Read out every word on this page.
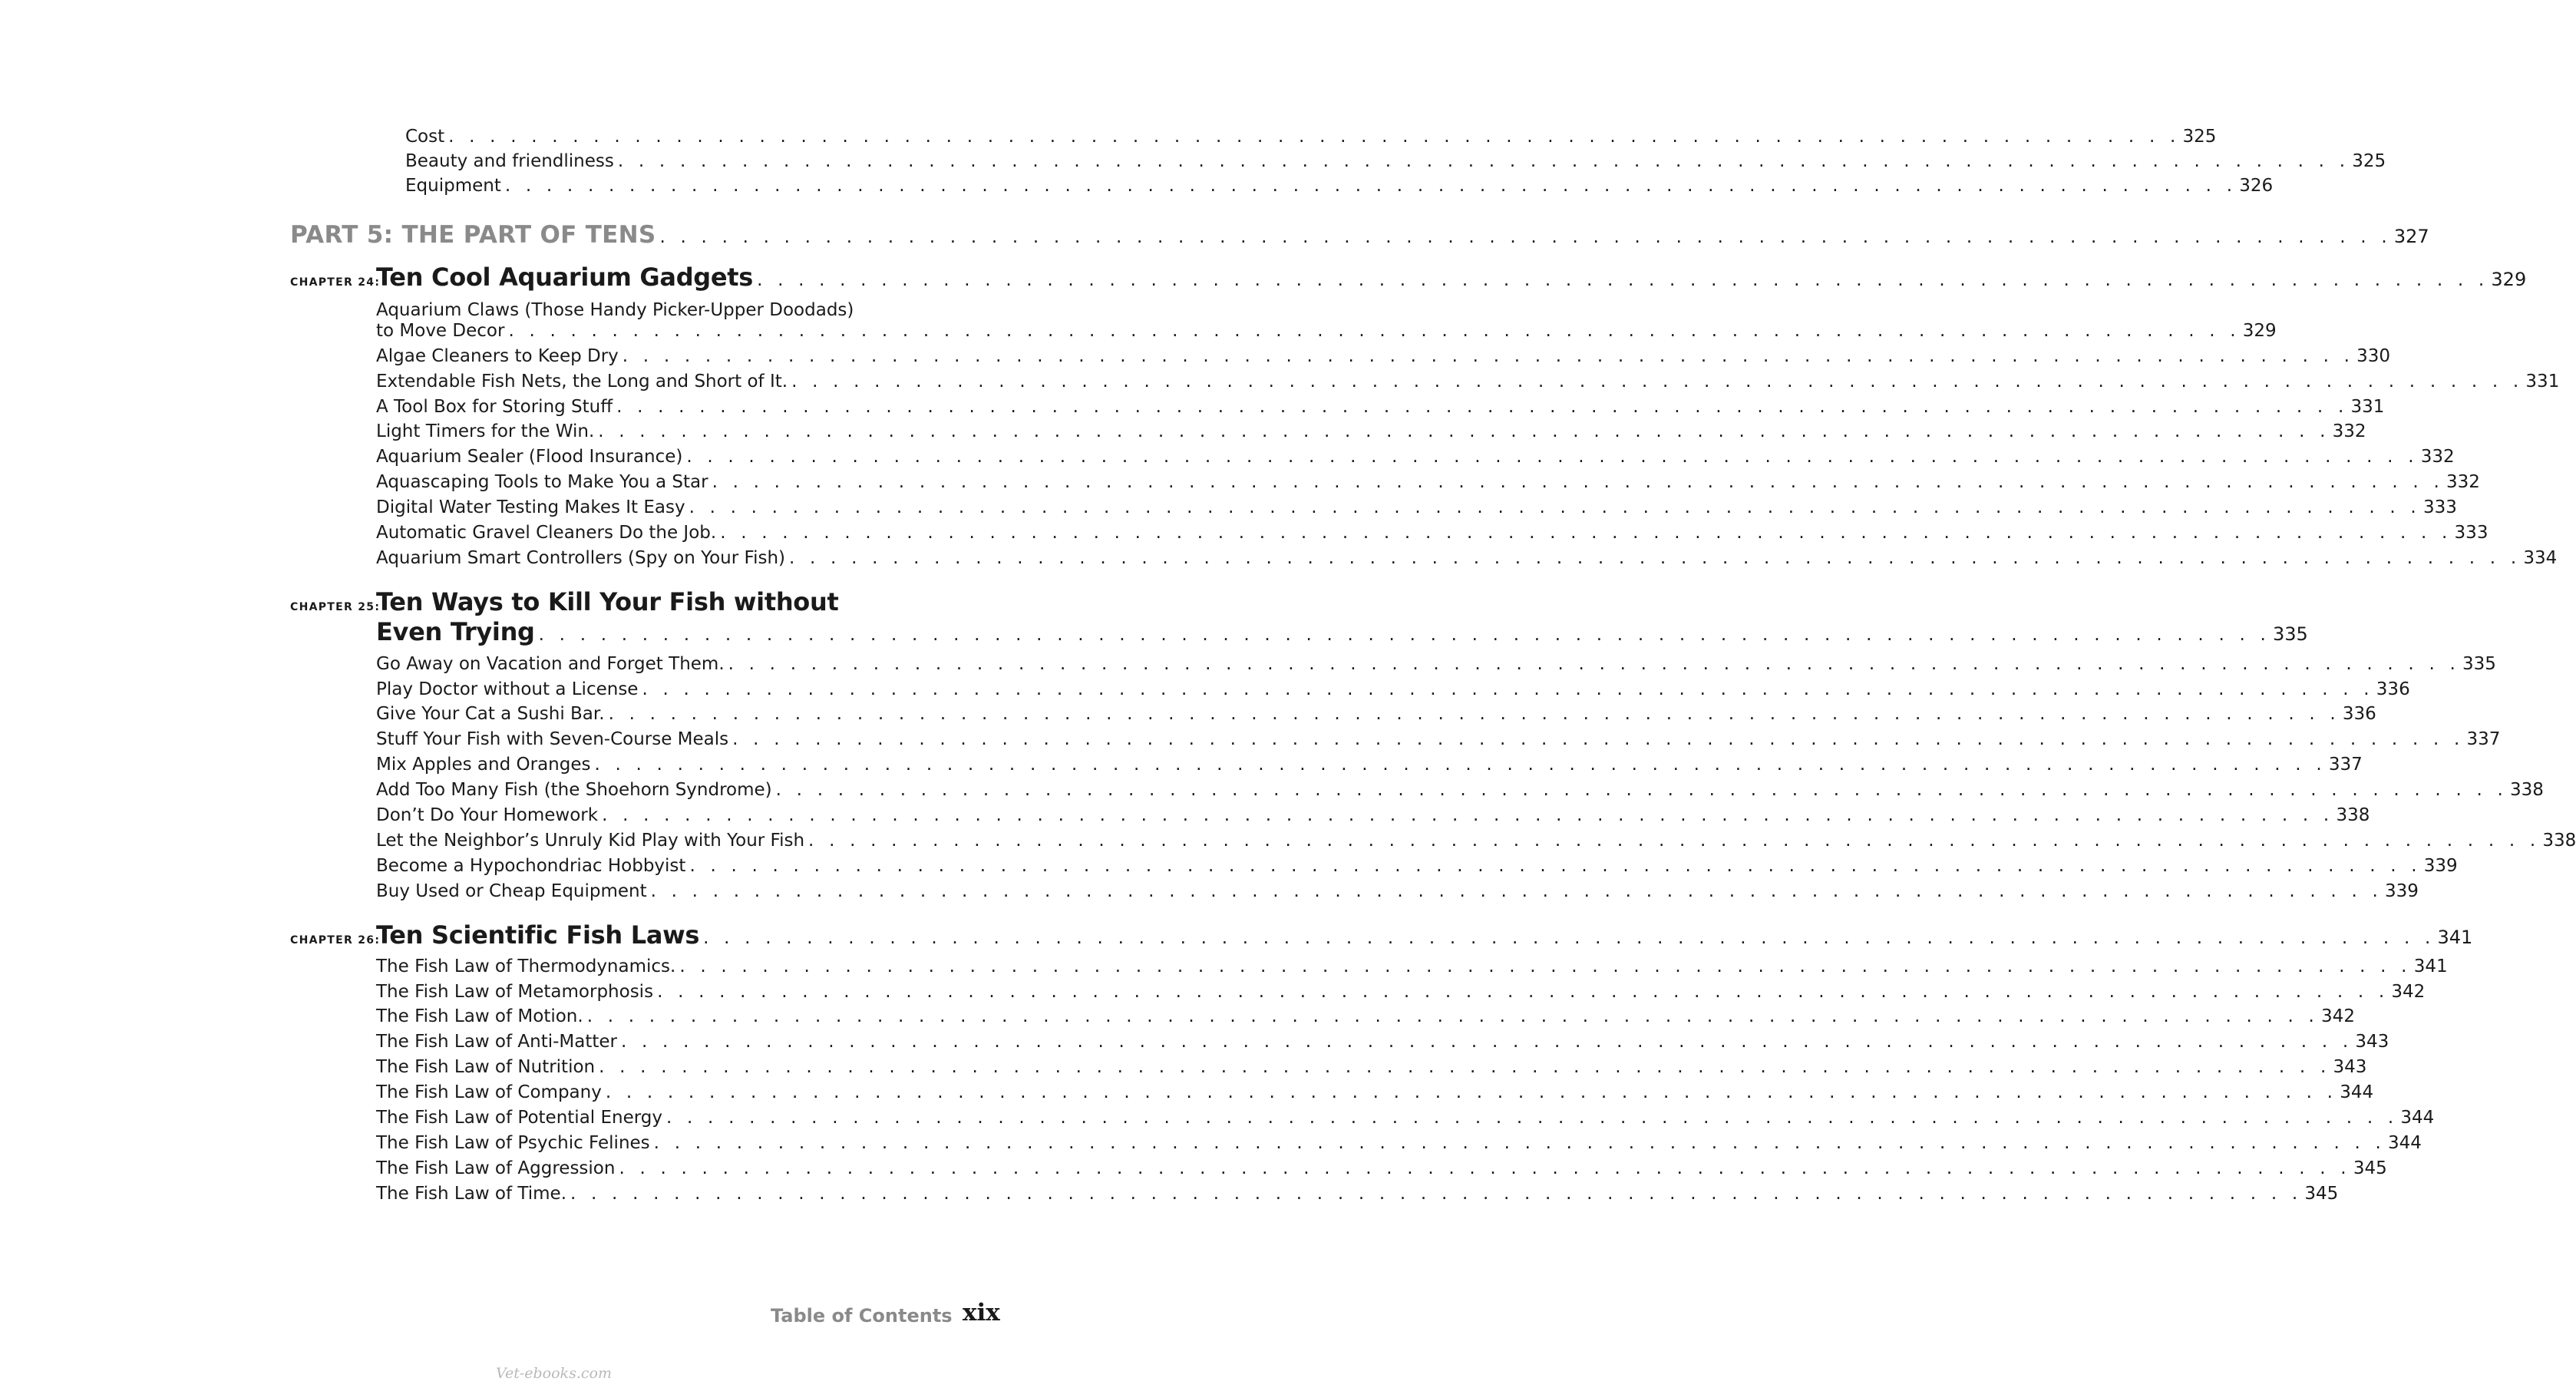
Cost . . . . . . . . . . . . . . . . . . . . . . . . . . . . . . . . . . . . . . . . . . . . . . . . . . . . . . . . . . . . . . . . . . . . . . . . . . . . . . . . . . . . 325
Beauty and friendliness . . . . . . . . . . . . . . . . . . . . . . . . . . . . . . . . . . . . . . . . . . . . . . . . . . . . . . . . . . . . . . . . . . . . . . . . . . . . . . . . . . . . 325
Equipment . . . . . . . . . . . . . . . . . . . . . . . . . . . . . . . . . . . . . . . . . . . . . . . . . . . . . . . . . . . . . . . . . . . . . . . . . . . . . . . . . . . . 326
PART 5: THE PART OF TENS . . . . . . . . . . . . . . . . . . . . . . . . . . . . . . . . . . . . . . . . . . . . . . . . . . . . . . . . . . . . . . . . . . . . . . . . . . . . . . . . . . . . 327
CHAPTER 24:
Ten Cool Aquarium Gadgets . . . . . . . . . . . . . . . . . . . . . . . . . . . . . . . . . . . . . . . . . . . . . . . . . . . . . . . . . . . . . . . . . . . . . . . . . . . . . . . . . . . . 329
Aquarium Claws (Those Handy Picker-Upper Doodads)
to Move Decor . . . . . . . . . . . . . . . . . . . . . . . . . . . . . . . . . . . . . . . . . . . . . . . . . . . . . . . . . . . . . . . . . . . . . . . . . . . . . . . . . . . . 329
Algae Cleaners to Keep Dry . . . . . . . . . . . . . . . . . . . . . . . . . . . . . . . . . . . . . . . . . . . . . . . . . . . . . . . . . . . . . . . . . . . . . . . . . . . . . . . . . . . . 330
Extendable Fish Nets, the Long and Short of It. . . . . . . . . . . . . . . . . . . . . . . . . . . . . . . . . . . . . . . . . . . . . . . . . . . . . . . . . . . . . . . . . . . . . . . . . . . . . . . . . . . . . 331
A Tool Box for Storing Stuff . . . . . . . . . . . . . . . . . . . . . . . . . . . . . . . . . . . . . . . . . . . . . . . . . . . . . . . . . . . . . . . . . . . . . . . . . . . . . . . . . . . . 331
Light Timers for the Win. . . . . . . . . . . . . . . . . . . . . . . . . . . . . . . . . . . . . . . . . . . . . . . . . . . . . . . . . . . . . . . . . . . . . . . . . . . . . . . . . . . . . 332
Aquarium Sealer (Flood Insurance) . . . . . . . . . . . . . . . . . . . . . . . . . . . . . . . . . . . . . . . . . . . . . . . . . . . . . . . . . . . . . . . . . . . . . . . . . . . . . . . . . . . . 332
Aquascaping Tools to Make You a Star . . . . . . . . . . . . . . . . . . . . . . . . . . . . . . . . . . . . . . . . . . . . . . . . . . . . . . . . . . . . . . . . . . . . . . . . . . . . . . . . . . . . 332
Digital Water Testing Makes It Easy . . . . . . . . . . . . . . . . . . . . . . . . . . . . . . . . . . . . . . . . . . . . . . . . . . . . . . . . . . . . . . . . . . . . . . . . . . . . . . . . . . . . 333
Automatic Gravel Cleaners Do the Job. . . . . . . . . . . . . . . . . . . . . . . . . . . . . . . . . . . . . . . . . . . . . . . . . . . . . . . . . . . . . . . . . . . . . . . . . . . . . . . . . . . . . 333
Aquarium Smart Controllers (Spy on Your Fish) . . . . . . . . . . . . . . . . . . . . . . . . . . . . . . . . . . . . . . . . . . . . . . . . . . . . . . . . . . . . . . . . . . . . . . . . . . . . . . . . . . . . 334
CHAPTER 25:
Ten Ways to Kill Your Fish without
Even Trying . . . . . . . . . . . . . . . . . . . . . . . . . . . . . . . . . . . . . . . . . . . . . . . . . . . . . . . . . . . . . . . . . . . . . . . . . . . . . . . . . . . . 335
Go Away on Vacation and Forget Them. . . . . . . . . . . . . . . . . . . . . . . . . . . . . . . . . . . . . . . . . . . . . . . . . . . . . . . . . . . . . . . . . . . . . . . . . . . . . . . . . . . . . 335
Play Doctor without a License . . . . . . . . . . . . . . . . . . . . . . . . . . . . . . . . . . . . . . . . . . . . . . . . . . . . . . . . . . . . . . . . . . . . . . . . . . . . . . . . . . . . 336
Give Your Cat a Sushi Bar. . . . . . . . . . . . . . . . . . . . . . . . . . . . . . . . . . . . . . . . . . . . . . . . . . . . . . . . . . . . . . . . . . . . . . . . . . . . . . . . . . . . . 336
Stuff Your Fish with Seven-Course Meals . . . . . . . . . . . . . . . . . . . . . . . . . . . . . . . . . . . . . . . . . . . . . . . . . . . . . . . . . . . . . . . . . . . . . . . . . . . . . . . . . . . . 337
Mix Apples and Oranges . . . . . . . . . . . . . . . . . . . . . . . . . . . . . . . . . . . . . . . . . . . . . . . . . . . . . . . . . . . . . . . . . . . . . . . . . . . . . . . . . . . . 337
Add Too Many Fish (the Shoehorn Syndrome) . . . . . . . . . . . . . . . . . . . . . . . . . . . . . . . . . . . . . . . . . . . . . . . . . . . . . . . . . . . . . . . . . . . . . . . . . . . . . . . . . . . . 338
Don’t Do Your Homework . . . . . . . . . . . . . . . . . . . . . . . . . . . . . . . . . . . . . . . . . . . . . . . . . . . . . . . . . . . . . . . . . . . . . . . . . . . . . . . . . . . . 338
Let the Neighbor’s Unruly Kid Play with Your Fish . . . . . . . . . . . . . . . . . . . . . . . . . . . . . . . . . . . . . . . . . . . . . . . . . . . . . . . . . . . . . . . . . . . . . . . . . . . . . . . . . . . . 338
Become a Hypochondriac Hobbyist . . . . . . . . . . . . . . . . . . . . . . . . . . . . . . . . . . . . . . . . . . . . . . . . . . . . . . . . . . . . . . . . . . . . . . . . . . . . . . . . . . . . 339
Buy Used or Cheap Equipment . . . . . . . . . . . . . . . . . . . . . . . . . . . . . . . . . . . . . . . . . . . . . . . . . . . . . . . . . . . . . . . . . . . . . . . . . . . . . . . . . . . . 339
CHAPTER 26:
Ten Scientific Fish Laws . . . . . . . . . . . . . . . . . . . . . . . . . . . . . . . . . . . . . . . . . . . . . . . . . . . . . . . . . . . . . . . . . . . . . . . . . . . . . . . . . . . . 341
The Fish Law of Thermodynamics. . . . . . . . . . . . . . . . . . . . . . . . . . . . . . . . . . . . . . . . . . . . . . . . . . . . . . . . . . . . . . . . . . . . . . . . . . . . . . . . . . . . . 341
The Fish Law of Metamorphosis . . . . . . . . . . . . . . . . . . . . . . . . . . . . . . . . . . . . . . . . . . . . . . . . . . . . . . . . . . . . . . . . . . . . . . . . . . . . . . . . . . . . 342
The Fish Law of Motion. . . . . . . . . . . . . . . . . . . . . . . . . . . . . . . . . . . . . . . . . . . . . . . . . . . . . . . . . . . . . . . . . . . . . . . . . . . . . . . . . . . . . 342
The Fish Law of Anti-Matter . . . . . . . . . . . . . . . . . . . . . . . . . . . . . . . . . . . . . . . . . . . . . . . . . . . . . . . . . . . . . . . . . . . . . . . . . . . . . . . . . . . . 343
The Fish Law of Nutrition . . . . . . . . . . . . . . . . . . . . . . . . . . . . . . . . . . . . . . . . . . . . . . . . . . . . . . . . . . . . . . . . . . . . . . . . . . . . . . . . . . . . 343
The Fish Law of Company . . . . . . . . . . . . . . . . . . . . . . . . . . . . . . . . . . . . . . . . . . . . . . . . . . . . . . . . . . . . . . . . . . . . . . . . . . . . . . . . . . . . 344
The Fish Law of Potential Energy . . . . . . . . . . . . . . . . . . . . . . . . . . . . . . . . . . . . . . . . . . . . . . . . . . . . . . . . . . . . . . . . . . . . . . . . . . . . . . . . . . . . 344
The Fish Law of Psychic Felines . . . . . . . . . . . . . . . . . . . . . . . . . . . . . . . . . . . . . . . . . . . . . . . . . . . . . . . . . . . . . . . . . . . . . . . . . . . . . . . . . . . . 344
The Fish Law of Aggression . . . . . . . . . . . . . . . . . . . . . . . . . . . . . . . . . . . . . . . . . . . . . . . . . . . . . . . . . . . . . . . . . . . . . . . . . . . . . . . . . . . . 345
The Fish Law of Time. . . . . . . . . . . . . . . . . . . . . . . . . . . . . . . . . . . . . . . . . . . . . . . . . . . . . . . . . . . . . . . . . . . . . . . . . . . . . . . . . . . . . 345
Table of Contents xix
Vet-ebooks.com
